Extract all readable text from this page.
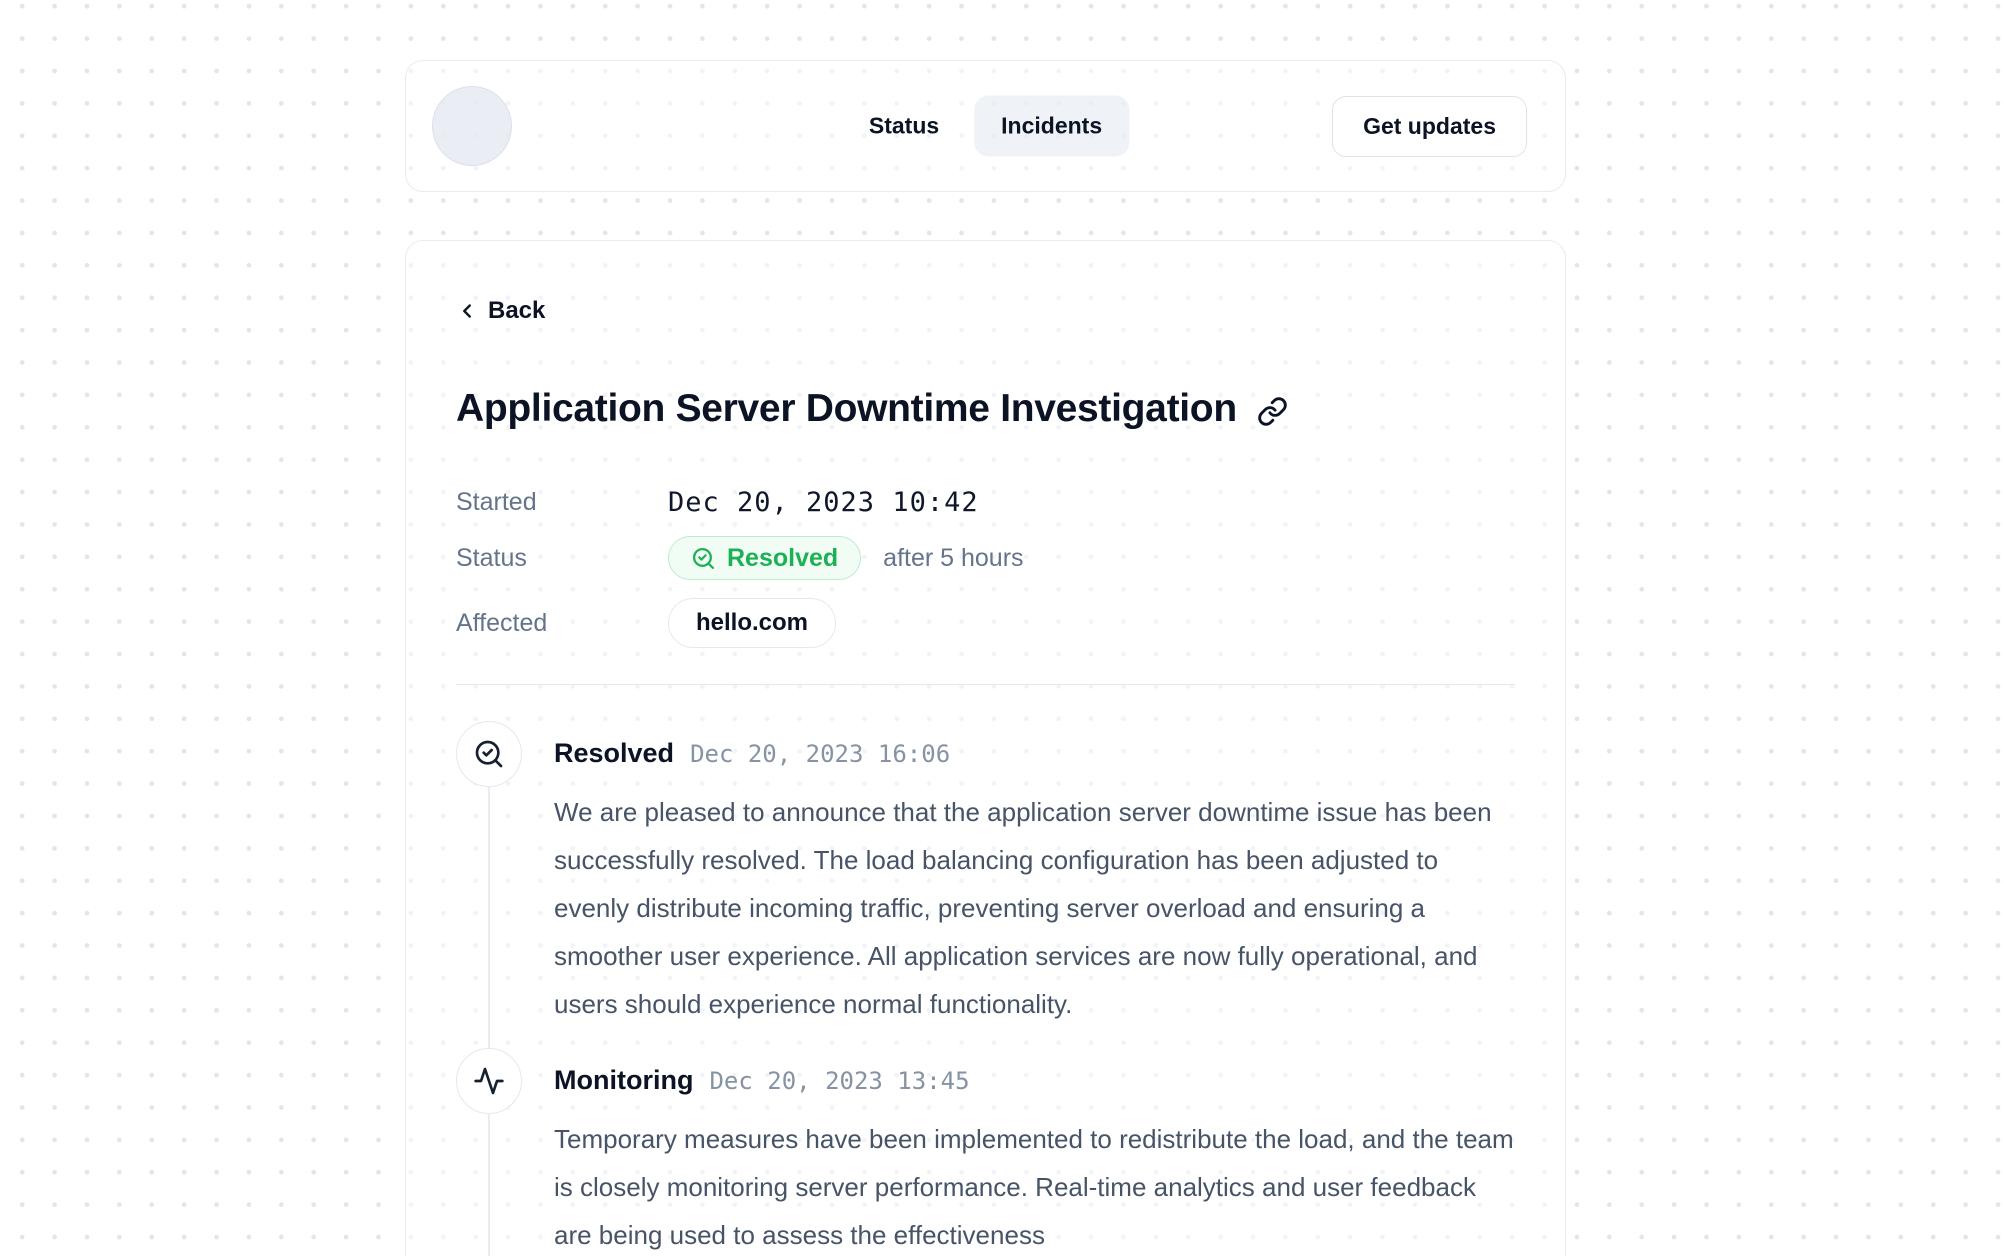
Status	Incidents	Get updates
Back
Application Server Downtime Investigation
Started	Dec 20, 2023 10:42
Status	Resolved after 5 hours
Affected	hello.com
Resolved Dec 20, 2023 16:06

We are pleased to announce that the application server downtime issue has been successfully resolved. The load balancing configuration has been adjusted to evenly distribute incoming traffic, preventing server overload and ensuring a smoother user experience. All application services are now fully operational, and users should experience normal functionality.

Monitoring Dec 20, 2023 13:45

Temporary measures have been implemented to redistribute the load, and the team is closely monitoring server performance. Real-time analytics and user feedback are being used to assess the effectiveness
